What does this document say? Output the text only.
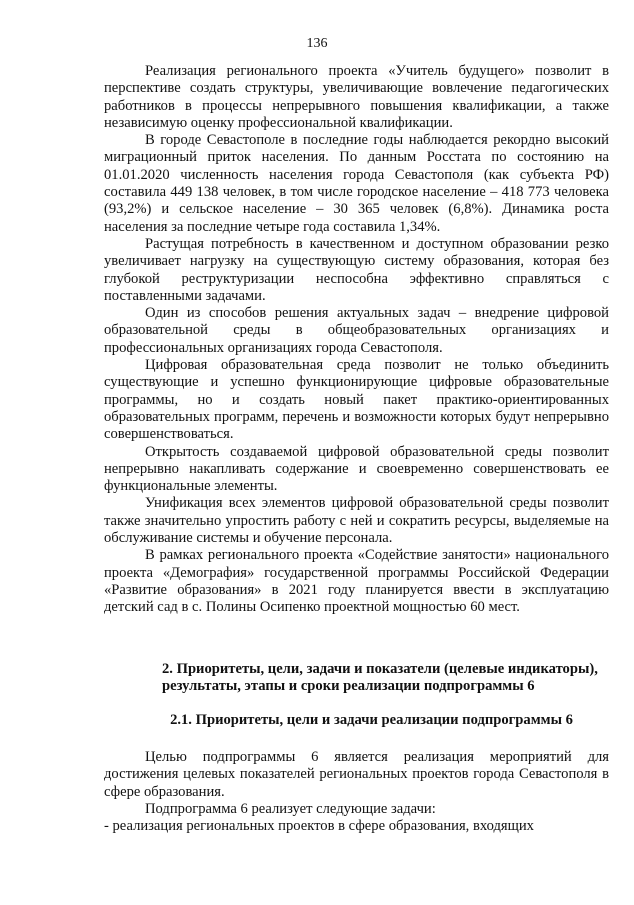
136

Реализация регионального проекта «Учитель будущего» позволит в перспективе создать структуры, увеличивающие вовлечение педагогических работников в процессы непрерывного повышения квалификации, а также независимую оценку профессиональной квалификации.

В городе Севастополе в последние годы наблюдается рекордно высокий миграционный приток населения. По данным Росстата по состоянию на 01.01.2020 численность населения города Севастополя (как субъекта РФ) составила 449 138 человек, в том числе городское население – 418 773 человека (93,2%) и сельское население – 30 365 человек (6,8%). Динамика роста населения за последние четыре года составила 1,34%.

Растущая потребность в качественном и доступном образовании резко увеличивает нагрузку на существующую систему образования, которая без глубокой реструктуризации неспособна эффективно справляться с поставленными задачами.

Один из способов решения актуальных задач – внедрение цифровой образовательной среды в общеобразовательных организациях и профессиональных организациях города Севастополя.

Цифровая образовательная среда позволит не только объединить существующие и успешно функционирующие цифровые образовательные программы, но и создать новый пакет практико-ориентированных образовательных программ, перечень и возможности которых будут непрерывно совершенствоваться.

Открытость создаваемой цифровой образовательной среды позволит непрерывно накапливать содержание и своевременно совершенствовать ее функциональные элементы.

Унификация всех элементов цифровой образовательной среды позволит также значительно упростить работу с ней и сократить ресурсы, выделяемые на обслуживание системы и обучение персонала.

В рамках регионального проекта «Содействие занятости» национального проекта «Демография» государственной программы Российской Федерации «Развитие образования» в 2021 году планируется ввести в эксплуатацию детский сад в с. Полины Осипенко проектной мощностью 60 мест.

2. Приоритеты, цели, задачи и показатели (целевые индикаторы), результаты, этапы и сроки реализации подпрограммы 6

2.1. Приоритеты, цели и задачи реализации подпрограммы 6

Целью подпрограммы 6 является реализация мероприятий для достижения целевых показателей региональных проектов города Севастополя в сфере образования.

Подпрограмма 6 реализует следующие задачи:

- реализация региональных проектов в сфере образования, входящих
